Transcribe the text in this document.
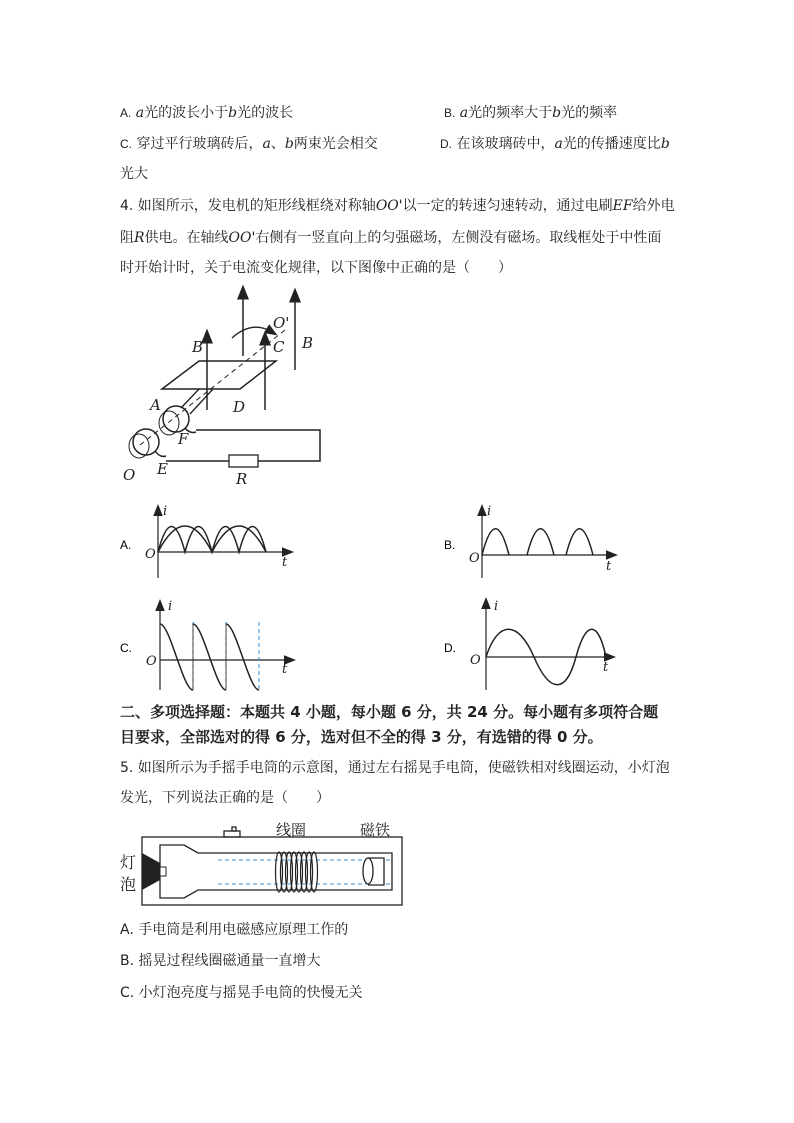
A. a光的波长小于b光的波长	B. a光的频率大于b光的频率
C. 穿过平行玻璃砖后，a、b两束光会相交	D. 在该玻璃砖中，a光的传播速度比b
光大
4. 如图所示，发电机的矩形线框绕对称轴OO'以一定的转速匀速转动，通过电刷EF给外电
阻R供电。在轴线OO'右侧有一竖直向上的匀强磁场，左侧没有磁场。取线框处于中性面
时开始计时，关于电流变化规律，以下图像中正确的是（　　）
B	C
O'
B
A	D
F
O E
R
A.
i
O
t
B.
i
O
t
C.
i
O
t
D.
i
O	t
二、多项选择题：本题共 4 小题，每小题 6 分，共 24 分。每小题有多项符合题
目要求，全部选对的得 6 分，选对但不全的得 3 分，有选错的得 0 分。
5. 如图所示为手摇手电筒的示意图，通过左右摇晃手电筒，使磁铁相对线圈运动，小灯泡
发光，下列说法正确的是（　　）
线圈	磁铁
灯
泡
A. 手电筒是利用电磁感应原理工作的
B. 摇晃过程线圈磁通量一直增大
C. 小灯泡亮度与摇晃手电筒的快慢无关
